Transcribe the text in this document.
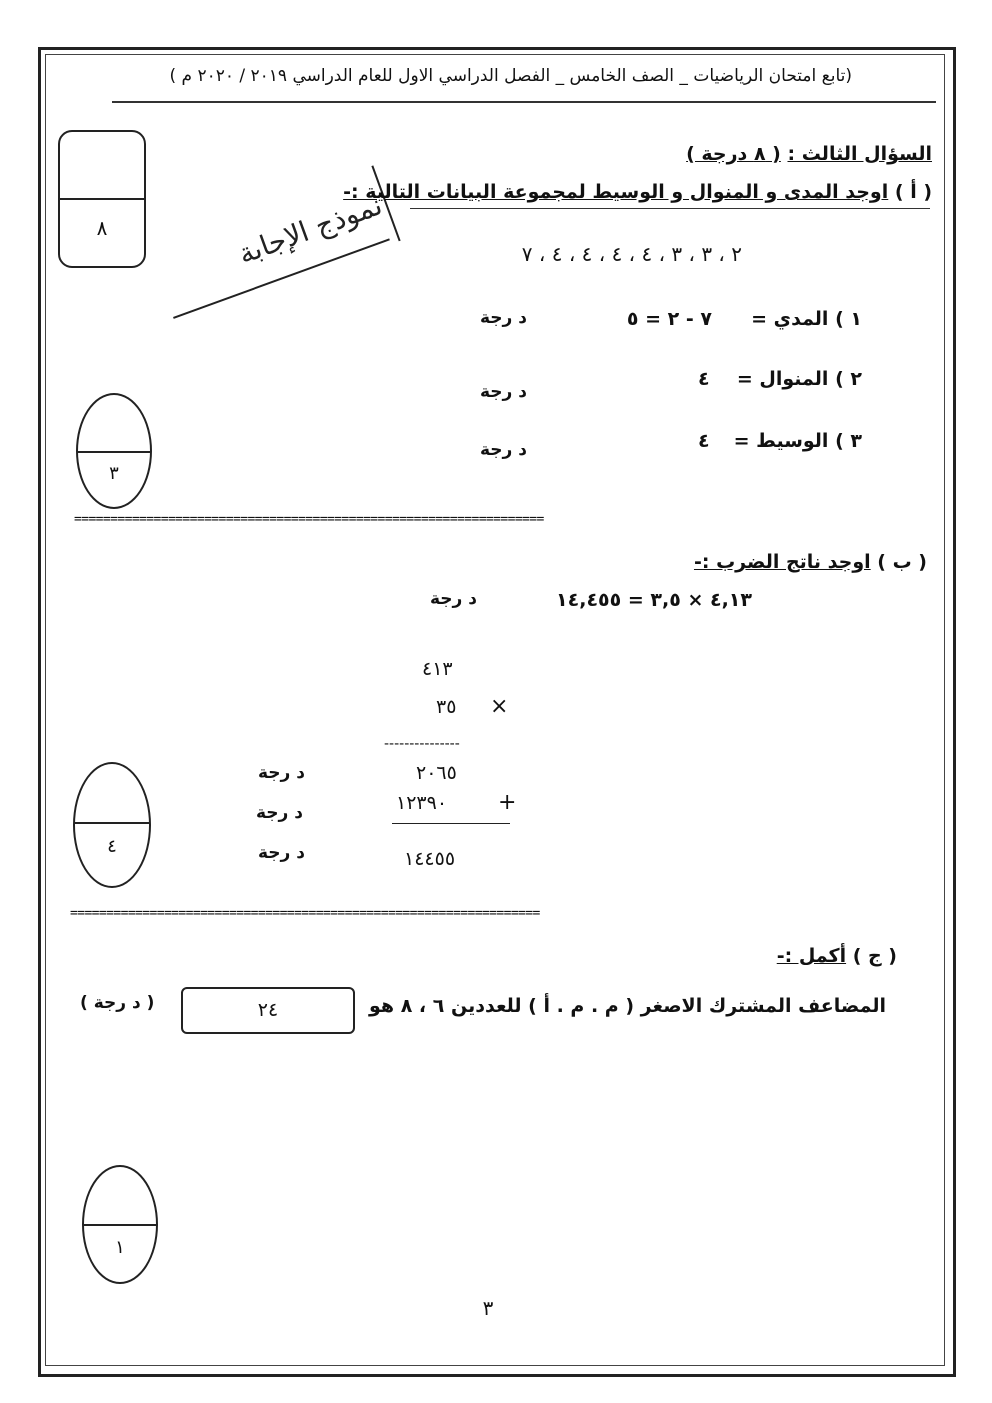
(تابع امتحان الرياضيات _ الصف الخامس _ الفصل الدراسي الاول للعام الدراسي ٢٠١٩ / ٢٠٢٠ م )
٨	نموذج الإجابة
السؤال الثالث : ( ٨ درجة )
( أ ) اوجد المدى و المنوال و الوسيط لمجموعة البيانات التالية :-
٢ ، ٣ ، ٣ ، ٤ ، ٤ ، ٤ ، ٤ ، ٧
١ ) المدي =
٧ - ٢ = ٥
د رجة
٢ ) المنوال =
٤
د رجة
٣ ) الوسيط =
٤
د رجة
٣
=================================================================
( ب ) اوجد ناتج الضرب :-
٤,١٣ × ٣,٥ = ١٤,٤٥٥
د رجة
٤١٣
٣٥ ×
---------------
٢٠٦٥
١٢٣٩٠ +
١٤٤٥٥
د رجة
د رجة
د رجة
٤
=================================================================
( ج ) أكمل :-
المضاعف المشترك الاصغر ( م . م . أ ) للعددين ٦ ، ٨ هو
٢٤
( د رجة )
١
٣
